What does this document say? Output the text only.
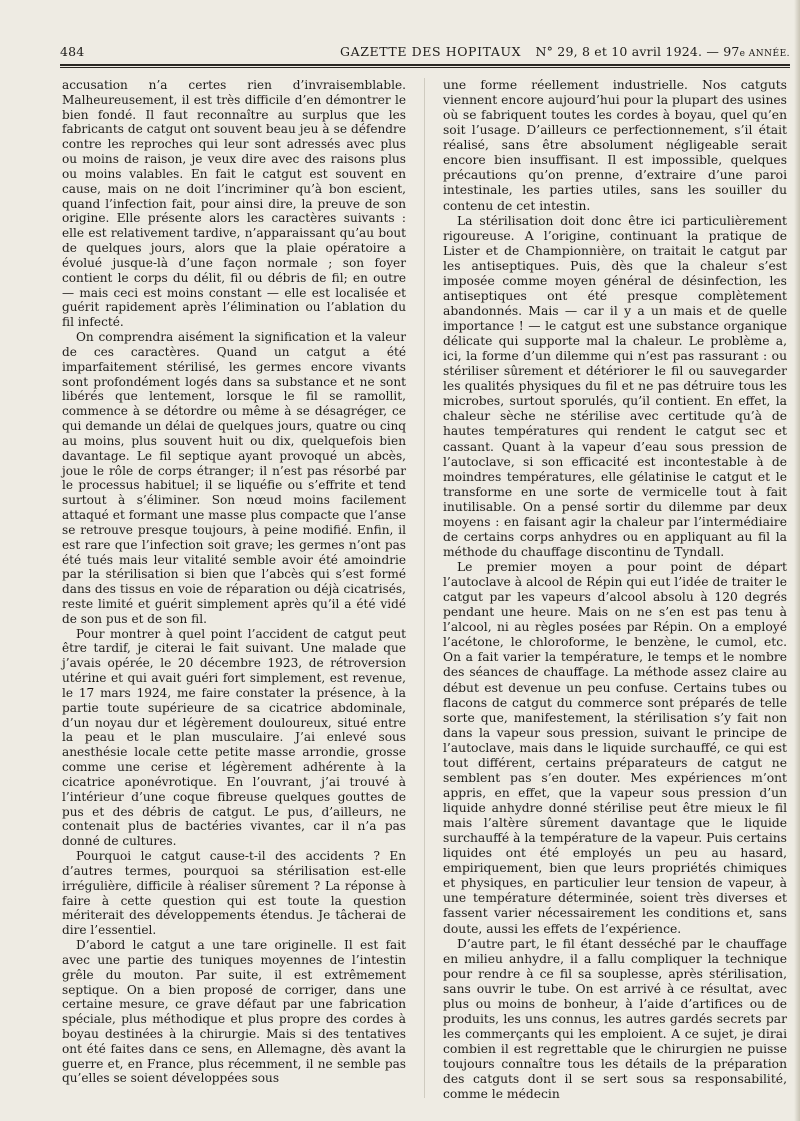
484	GAZETTE DES HOPITAUX N° 29, 8 et 10 avril 1924. — 97e ANNÉE.

accusation n’a certes rien d’invraisemblable. Malheureusement, il est très difficile d’en démontrer le bien fondé. Il faut reconnaître au surplus que les fabricants de catgut ont souvent beau jeu à se défendre contre les reproches qui leur sont adressés avec plus ou moins de raison, je veux dire avec des raisons plus ou moins valables. En fait le catgut est souvent en cause, mais on ne doit l’incriminer qu’à bon escient, quand l’infection fait, pour ainsi dire, la preuve de son origine. Elle présente alors les caractères suivants : elle est relativement tardive, n’apparaissant qu’au bout de quelques jours, alors que la plaie opératoire a évolué jusque-là d’une façon normale ; son foyer contient le corps du délit, fil ou débris de fil; en outre — mais ceci est moins constant — elle est localisée et guérit rapidement après l’élimination ou l’ablation du fil infecté.

On comprendra aisément la signification et la valeur de ces caractères. Quand un catgut a été imparfaitement stérilisé, les germes encore vivants sont profondément logés dans sa substance et ne sont libérés que lentement, lorsque le fil se ramollit, commence à se détordre ou même à se désagréger, ce qui demande un délai de quelques jours, quatre ou cinq au moins, plus souvent huit ou dix, quelquefois bien davantage. Le fil septique ayant provoqué un abcès, joue le rôle de corps étranger; il n’est pas résorbé par le processus habituel; il se liquéfie ou s’effrite et tend surtout à s’éliminer. Son nœud moins facilement attaqué et formant une masse plus compacte que l’anse se retrouve presque toujours, à peine modifié. Enfin, il est rare que l’infection soit grave; les germes n’ont pas été tués mais leur vitalité semble avoir été amoindrie par la stérilisation si bien que l’abcès qui s’est formé dans des tissus en voie de réparation ou déjà cicatrisés, reste limité et guérit simplement après qu’il a été vidé de son pus et de son fil.

Pour montrer à quel point l’accident de catgut peut être tardif, je citerai le fait suivant. Une malade que j’avais opérée, le 20 décembre 1923, de rétroversion utérine et qui avait guéri fort simplement, est revenue, le 17 mars 1924, me faire constater la présence, à la partie toute supérieure de sa cicatrice abdominale, d’un noyau dur et légèrement douloureux, situé entre la peau et le plan musculaire. J’ai enlevé sous anesthésie locale cette petite masse arrondie, grosse comme une cerise et légèrement adhérente à la cicatrice aponévrotique. En l’ouvrant, j’ai trouvé à l’intérieur d’une coque fibreuse quelques gouttes de pus et des débris de catgut. Le pus, d’ailleurs, ne contenait plus de bactéries vivantes, car il n’a pas donné de cultures.

Pourquoi le catgut cause-t-il des accidents ? En d’autres termes, pourquoi sa stérilisation est-elle irrégulière, difficile à réaliser sûrement ? La réponse à faire à cette question qui est toute la question mériterait des développements étendus. Je tâcherai de dire l’essentiel.

D’abord le catgut a une tare originelle. Il est fait avec une partie des tuniques moyennes de l’intestin grêle du mouton. Par suite, il est extrêmement septique. On a bien proposé de corriger, dans une certaine mesure, ce grave défaut par une fabrication spéciale, plus méthodique et plus propre des cordes à boyau destinées à la chirurgie. Mais si des tentatives ont été faites dans ce sens, en Allemagne, dès avant la guerre et, en France, plus récemment, il ne semble pas qu’elles se soient développées sous

une forme réellement industrielle. Nos catguts viennent encore aujourd’hui pour la plupart des usines où se fabriquent toutes les cordes à boyau, quel qu’en soit l’usage. D’ailleurs ce perfectionnement, s’il était réalisé, sans être absolument négligeable serait encore bien insuffisant. Il est impossible, quelques précautions qu’on prenne, d’extraire d’une paroi intestinale, les parties utiles, sans les souiller du contenu de cet intestin.

La stérilisation doit donc être ici particulièrement rigoureuse. A l’origine, continuant la pratique de Lister et de Championnière, on traitait le catgut par les antiseptiques. Puis, dès que la chaleur s’est imposée comme moyen général de désinfection, les antiseptiques ont été presque complètement abandonnés. Mais — car il y a un mais et de quelle importance ! — le catgut est une substance organique délicate qui supporte mal la chaleur. Le problème a, ici, la forme d’un dilemme qui n’est pas rassurant : ou stériliser sûrement et détériorer le fil ou sauvegarder les qualités physiques du fil et ne pas détruire tous les microbes, surtout sporulés, qu’il contient. En effet, la chaleur sèche ne stérilise avec certitude qu’à de hautes températures qui rendent le catgut sec et cassant. Quant à la vapeur d’eau sous pression de l’autoclave, si son efficacité est incontestable à de moindres températures, elle gélatinise le catgut et le transforme en une sorte de vermicelle tout à fait inutilisable. On a pensé sortir du dilemme par deux moyens : en faisant agir la chaleur par l’intermédiaire de certains corps anhydres ou en appliquant au fil la méthode du chauffage discontinu de Tyndall.

Le premier moyen a pour point de départ l’autoclave à alcool de Répin qui eut l’idée de traiter le catgut par les vapeurs d’alcool absolu à 120 degrés pendant une heure. Mais on ne s’en est pas tenu à l’alcool, ni au règles posées par Répin. On a employé l’acétone, le chloroforme, le benzène, le cumol, etc. On a fait varier la température, le temps et le nombre des séances de chauffage. La méthode assez claire au début est devenue un peu confuse. Certains tubes ou flacons de catgut du commerce sont préparés de telle sorte que, manifestement, la stérilisation s’y fait non dans la vapeur sous pression, suivant le principe de l’autoclave, mais dans le liquide surchauffé, ce qui est tout différent, certains préparateurs de catgut ne semblent pas s’en douter. Mes expériences m’ont appris, en effet, que la vapeur sous pression d’un liquide anhydre donné stérilise peut être mieux le fil mais l’altère sûrement davantage que le liquide surchauffé à la température de la vapeur. Puis certains liquides ont été employés un peu au hasard, empiriquement, bien que leurs propriétés chimiques et physiques, en particulier leur tension de vapeur, à une température déterminée, soient très diverses et fassent varier nécessairement les conditions et, sans doute, aussi les effets de l’expérience.

D’autre part, le fil étant desséché par le chauffage en milieu anhydre, il a fallu compliquer la technique pour rendre à ce fil sa souplesse, après stérilisation, sans ouvrir le tube. On est arrivé à ce résultat, avec plus ou moins de bonheur, à l’aide d’artifices ou de produits, les uns connus, les autres gardés secrets par les commerçants qui les emploient. A ce sujet, je dirai combien il est regrettable que le chirurgien ne puisse toujours connaître tous les détails de la préparation des catguts dont il se sert sous sa responsabilité, comme le médecin
